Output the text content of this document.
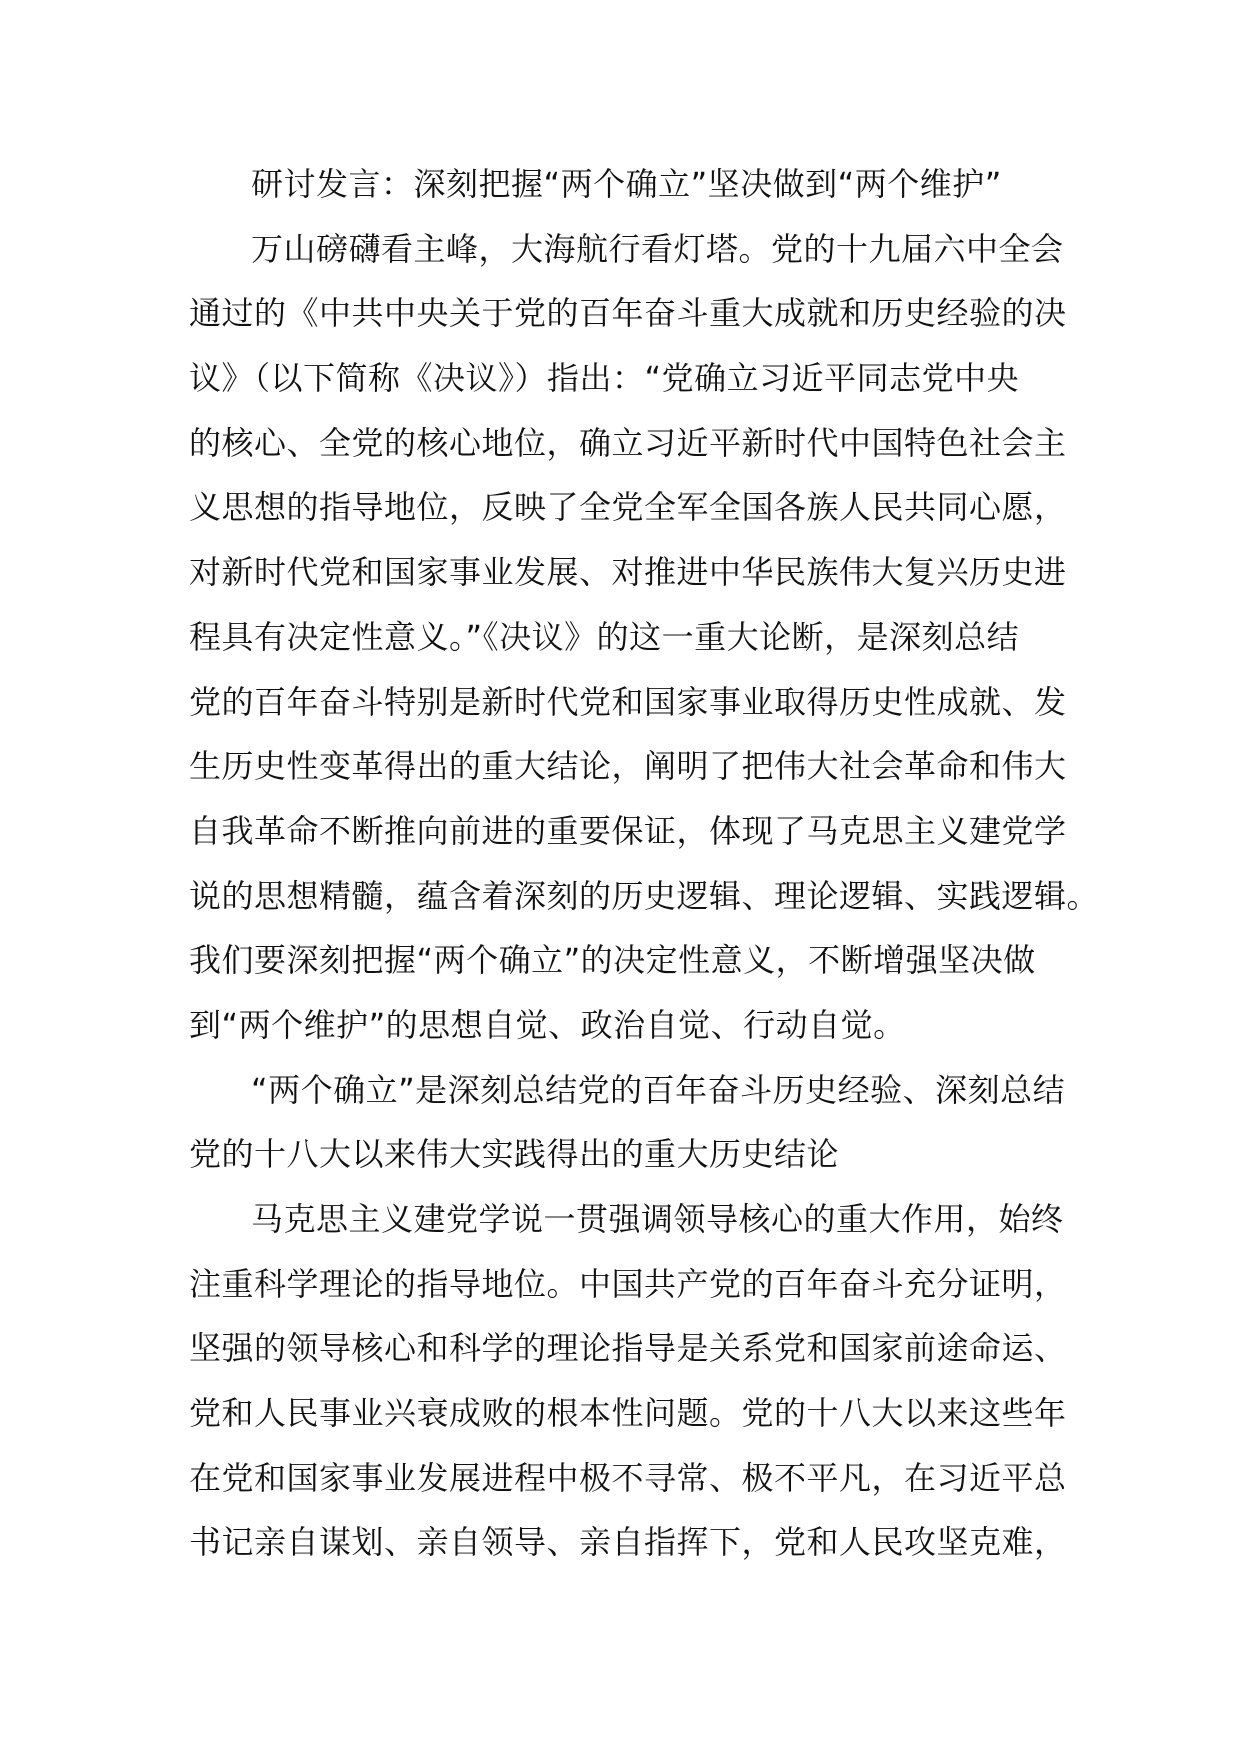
研讨发言：深刻把握“两个确立”坚决做到“两个维护”
万山磅礴看主峰，大海航行看灯塔。党的十九届六中全会
通过的《中共中央关于党的百年奋斗重大成就和历史经验的决
议》（以下简称《决议》）指出：“党确立习近平同志党中央
的核心、全党的核心地位，确立习近平新时代中国特色社会主
义思想的指导地位，反映了全党全军全国各族人民共同心愿，
对新时代党和国家事业发展、对推进中华民族伟大复兴历史进
程具有决定性意义。”《决议》的这一重大论断，是深刻总结
党的百年奋斗特别是新时代党和国家事业取得历史性成就、发
生历史性变革得出的重大结论，阐明了把伟大社会革命和伟大
自我革命不断推向前进的重要保证，体现了马克思主义建党学
说的思想精髓，蕴含着深刻的历史逻辑、理论逻辑、实践逻辑。
我们要深刻把握“两个确立”的决定性意义，不断增强坚决做
到“两个维护”的思想自觉、政治自觉、行动自觉。
“两个确立”是深刻总结党的百年奋斗历史经验、深刻总结
党的十八大以来伟大实践得出的重大历史结论
马克思主义建党学说一贯强调领导核心的重大作用，始终
注重科学理论的指导地位。中国共产党的百年奋斗充分证明，
坚强的领导核心和科学的理论指导是关系党和国家前途命运、
党和人民事业兴衰成败的根本性问题。党的十八大以来这些年
在党和国家事业发展进程中极不寻常、极不平凡，在习近平总
书记亲自谋划、亲自领导、亲自指挥下，党和人民攻坚克难，
